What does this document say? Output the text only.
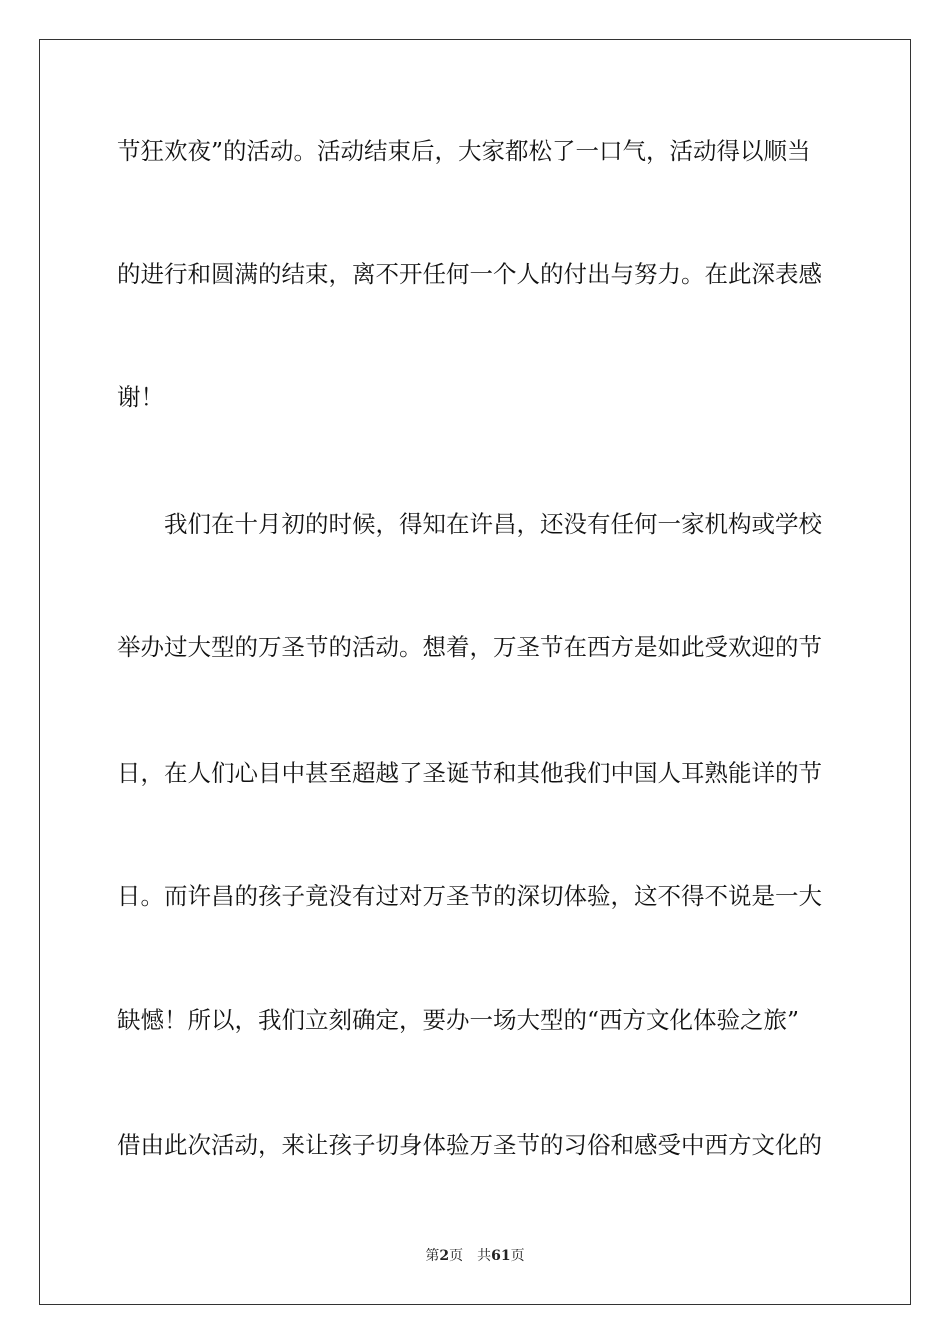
节狂欢夜”的活动。活动结束后，大家都松了一口气，活动得以顺当
的进行和圆满的结束，离不开任何一个人的付出与努力。在此深表感
谢！
　　我们在十月初的时候，得知在许昌，还没有任何一家机构或学校
举办过大型的万圣节的活动。想着，万圣节在西方是如此受欢迎的节
日，在人们心目中甚至超越了圣诞节和其他我们中国人耳熟能详的节
日。而许昌的孩子竟没有过对万圣节的深切体验，这不得不说是一大
缺憾！所以，我们立刻确定，要办一场大型的“西方文化体验之旅”
借由此次活动，来让孩子切身体验万圣节的习俗和感受中西方文化的
第2页 共61页
